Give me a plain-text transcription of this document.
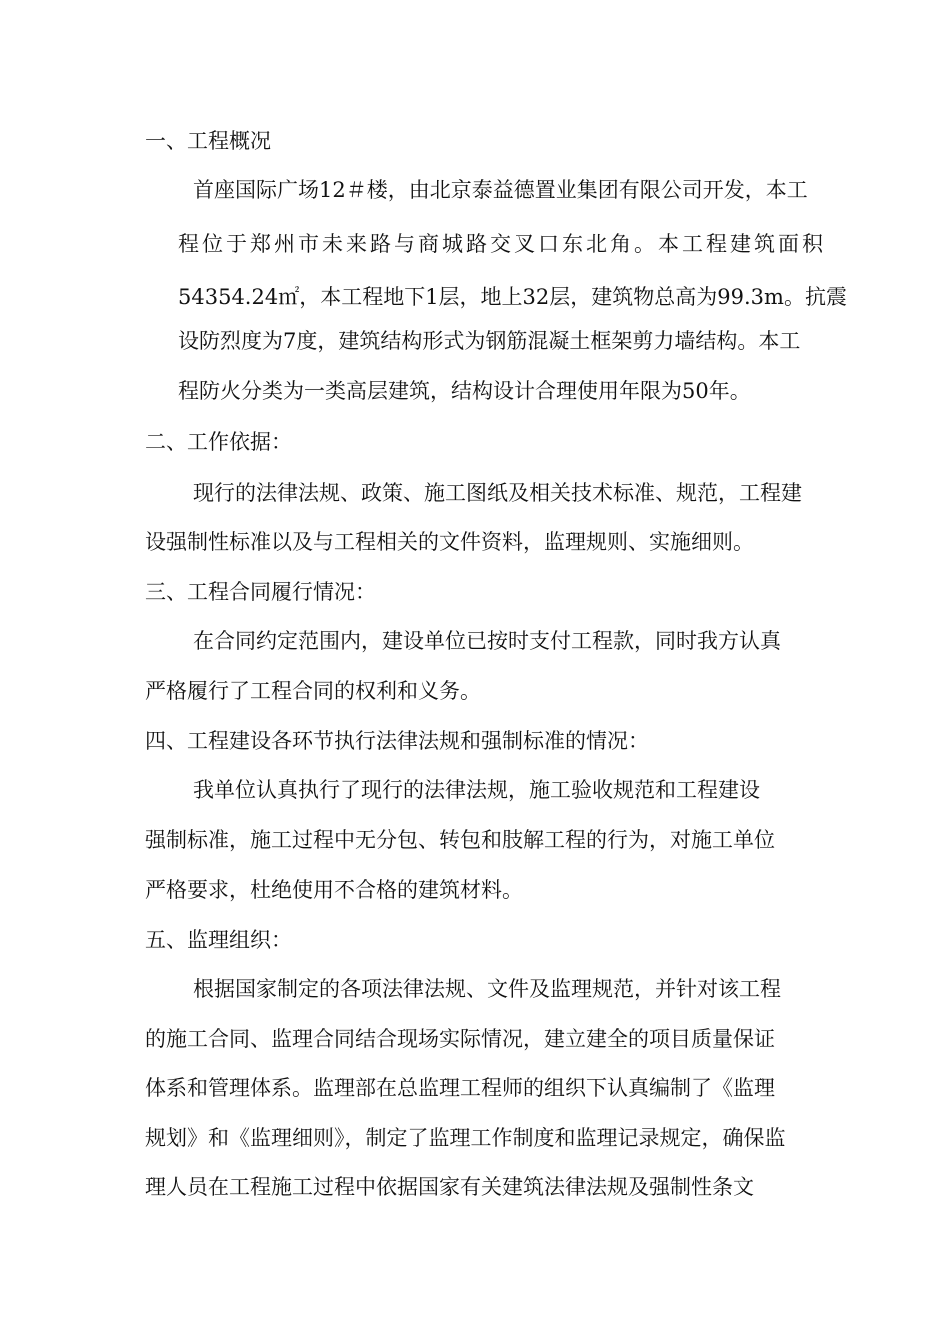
一、工程概况

首座国际广场12＃楼，由北京泰益德置业集团有限公司开发，本工

程位于郑州市未来路与商城路交叉口东北角。本工程建筑面积

54354.24㎡，本工程地下1层，地上32层，建筑物总高为99.3m。抗震

设防烈度为7度，建筑结构形式为钢筋混凝土框架剪力墙结构。本工

程防火分类为一类高层建筑，结构设计合理使用年限为50年。

二、工作依据：

现行的法律法规、政策、施工图纸及相关技术标准、规范，工程建

设强制性标准以及与工程相关的文件资料，监理规则、实施细则。

三、工程合同履行情况：

在合同约定范围内，建设单位已按时支付工程款，同时我方认真

严格履行了工程合同的权利和义务。

四、工程建设各环节执行法律法规和强制标准的情况：

我单位认真执行了现行的法律法规，施工验收规范和工程建设

强制标准，施工过程中无分包、转包和肢解工程的行为，对施工单位

严格要求，杜绝使用不合格的建筑材料。

五、监理组织：

根据国家制定的各项法律法规、文件及监理规范，并针对该工程

的施工合同、监理合同结合现场实际情况，建立建全的项目质量保证

体系和管理体系。监理部在总监理工程师的组织下认真编制了《监理

规划》和《监理细则》，制定了监理工作制度和监理记录规定，确保监

理人员在工程施工过程中依据国家有关建筑法律法规及强制性条文
